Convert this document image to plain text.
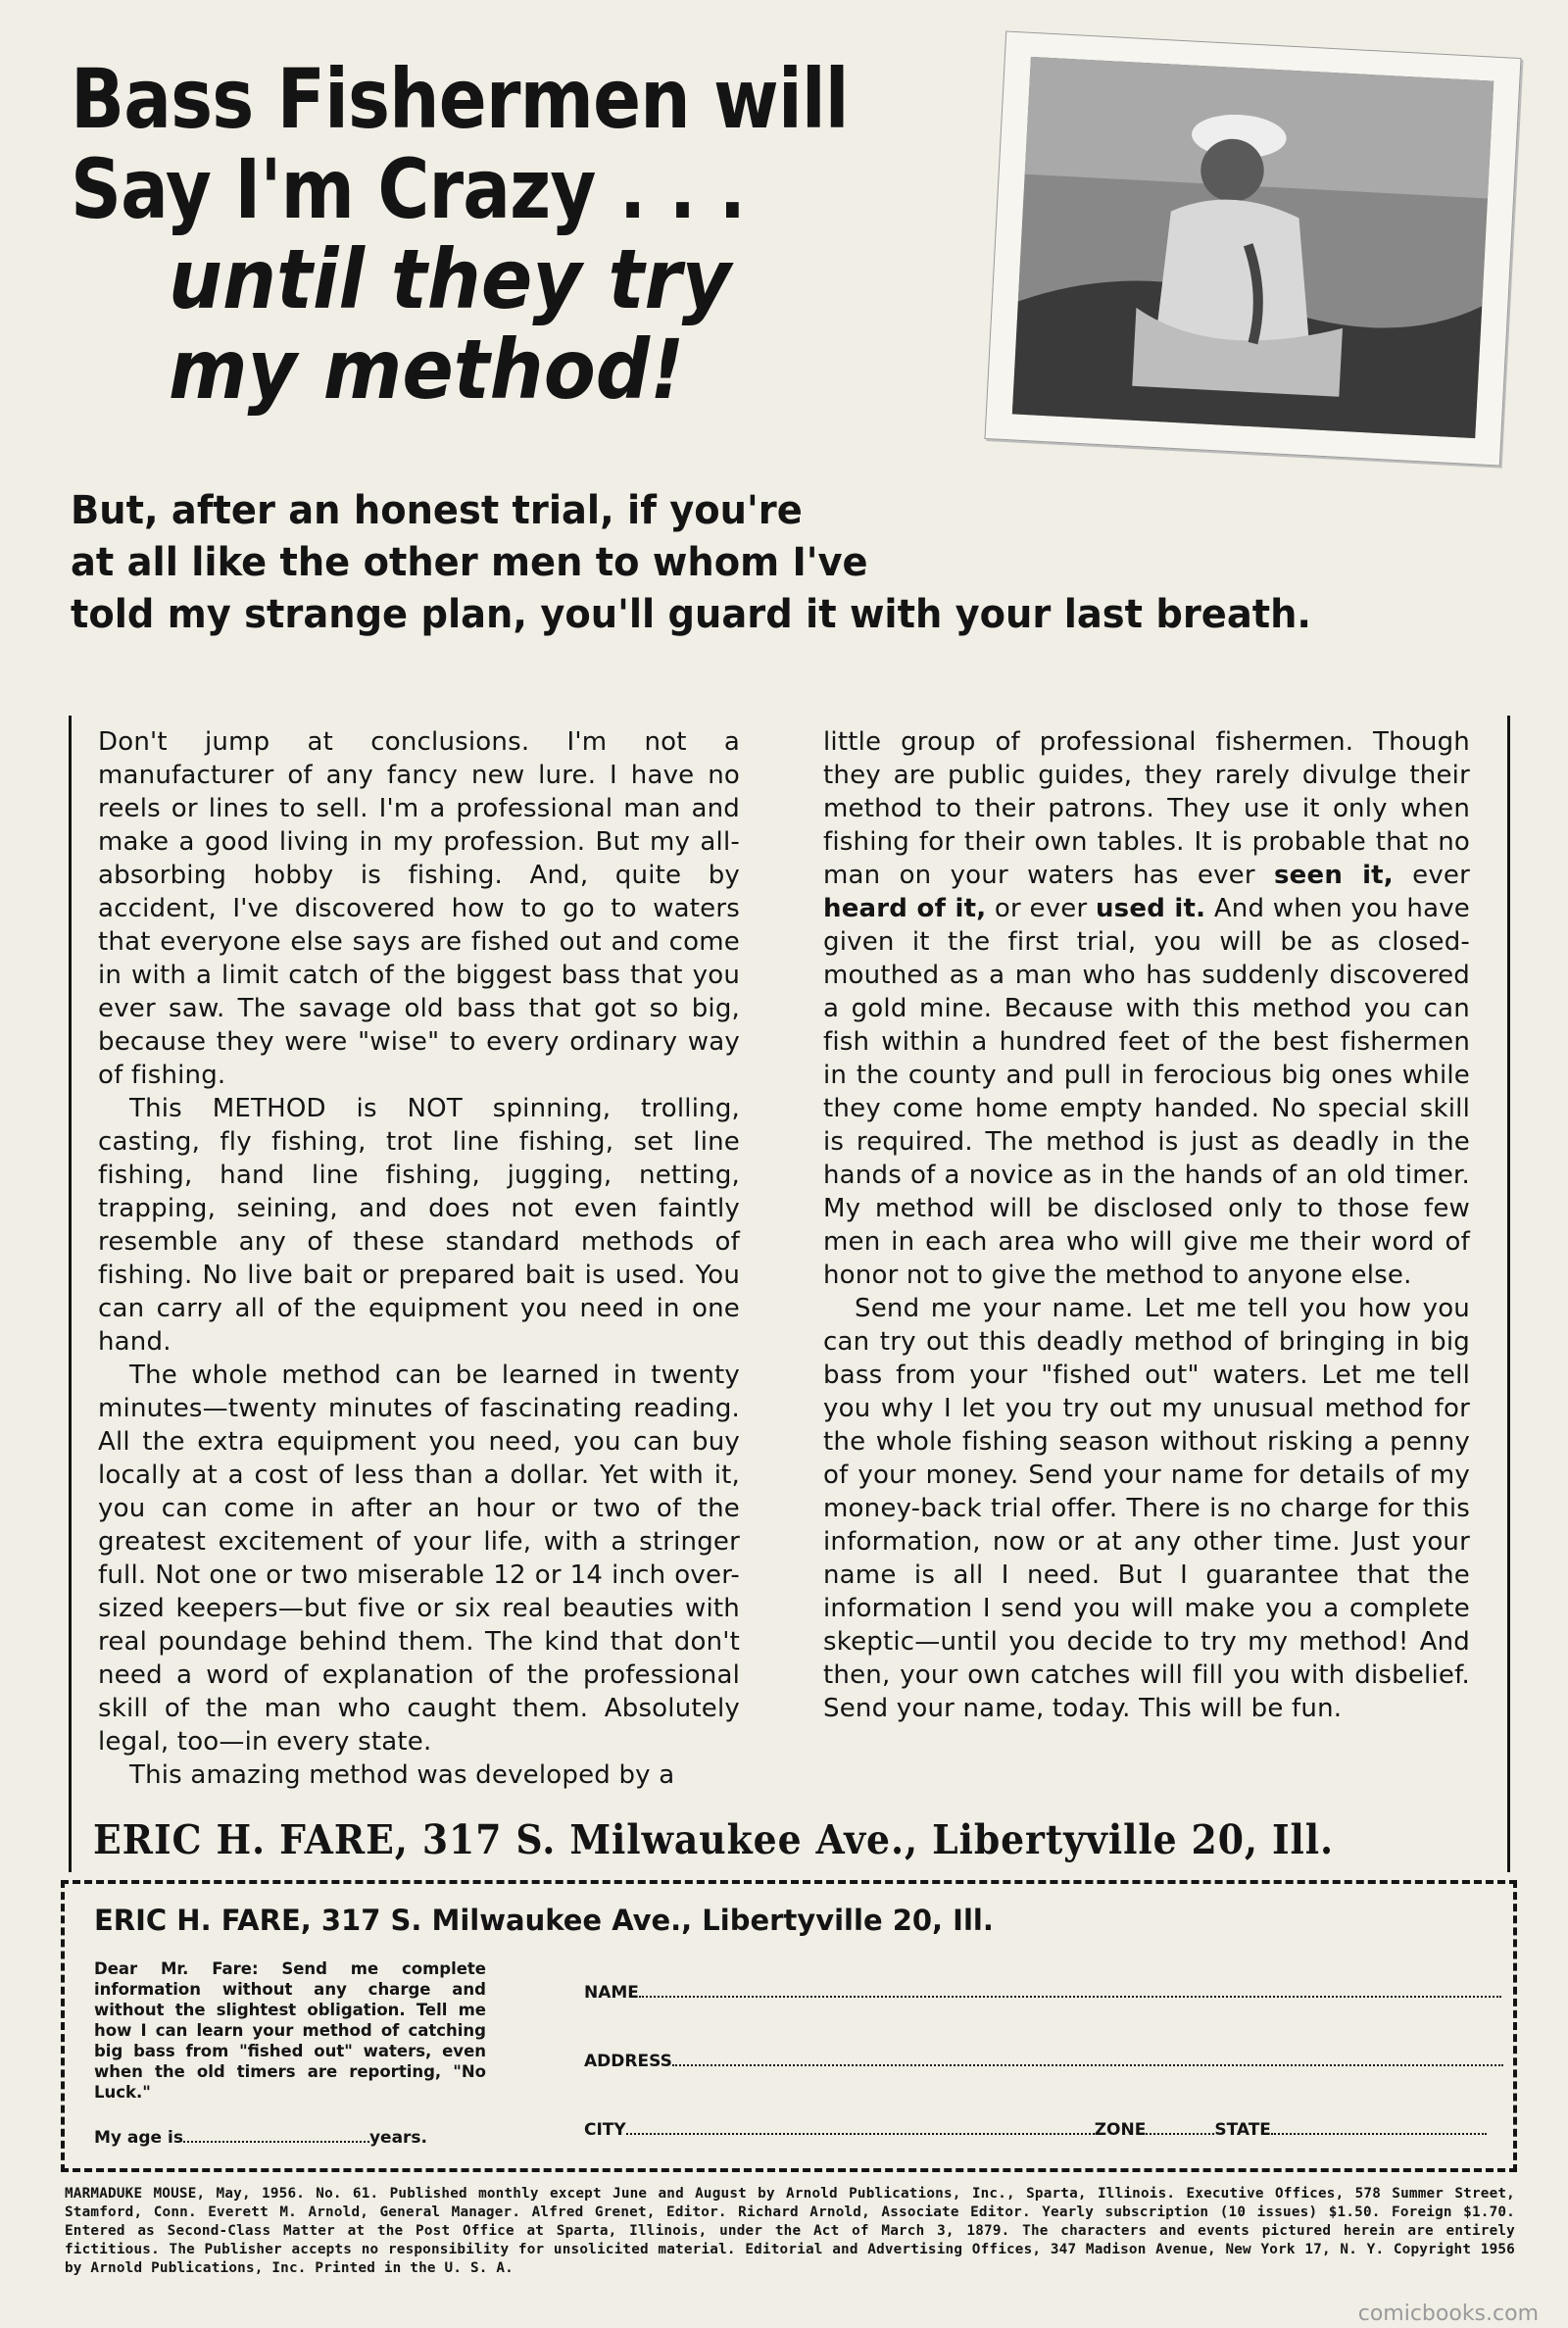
Bass Fishermen will
Say I'm Crazy . . .
until they try
my method!
But, after an honest trial, if you're
at all like the other men to whom I've
told my strange plan, you'll guard it with your last breath.

Don't jump at conclusions. I'm not a manufacturer of any fancy new lure. I have no reels or lines to sell. I'm a professional man and make a good living in my profession. But my all-absorbing hobby is fishing. And, quite by accident, I've discovered how to go to waters that everyone else says are fished out and come in with a limit catch of the biggest bass that you ever saw. The savage old bass that got so big, because they were "wise" to every ordinary way of fishing.

This METHOD is NOT spinning, trolling, casting, fly fishing, trot line fishing, set line fishing, hand line fishing, jugging, netting, trapping, seining, and does not even faintly resemble any of these standard methods of fishing. No live bait or prepared bait is used. You can carry all of the equipment you need in one hand.

The whole method can be learned in twenty minutes—twenty minutes of fascinating reading. All the extra equipment you need, you can buy locally at a cost of less than a dollar. Yet with it, you can come in after an hour or two of the greatest excitement of your life, with a stringer full. Not one or two miserable 12 or 14 inch over-sized keepers—but five or six real beauties with real poundage behind them. The kind that don't need a word of explanation of the professional skill of the man who caught them. Absolutely legal, too—in every state.

This amazing method was developed by a

little group of professional fishermen. Though they are public guides, they rarely divulge their method to their patrons. They use it only when fishing for their own tables. It is probable that no man on your waters has ever seen it, ever heard of it, or ever used it. And when you have given it the first trial, you will be as closed-mouthed as a man who has suddenly discovered a gold mine. Because with this method you can fish within a hundred feet of the best fishermen in the county and pull in ferocious big ones while they come home empty handed. No special skill is required. The method is just as deadly in the hands of a novice as in the hands of an old timer. My method will be disclosed only to those few men in each area who will give me their word of honor not to give the method to anyone else.

Send me your name. Let me tell you how you can try out this deadly method of bringing in big bass from your "fished out" waters. Let me tell you why I let you try out my unusual method for the whole fishing season without risking a penny of your money. Send your name for details of my money-back trial offer. There is no charge for this information, now or at any other time. Just your name is all I need. But I guarantee that the information I send you will make you a complete skeptic—until you decide to try my method! And then, your own catches will fill you with disbelief. Send your name, today. This will be fun.

ERIC H. FARE, 317 S. Milwaukee Ave., Libertyville 20, Ill.
ERIC H. FARE, 317 S. Milwaukee Ave., Libertyville 20, Ill.
Dear Mr. Fare: Send me complete information without any charge and without the slightest obligation. Tell me how I can learn your method of catching big bass from "fished out" waters, even when the old timers are reporting, "No Luck."
My age is	years.
NAME
ADDRESS
CITY	ZONE	STATE
MARMADUKE MOUSE, May, 1956. No. 61. Published monthly except June and August by Arnold Publications, Inc., Sparta, Illinois. Executive Offices, 578 Summer Street, Stamford, Conn. Everett M. Arnold, General Manager. Alfred Grenet, Editor. Richard Arnold, Associate Editor. Yearly subscription (10 issues) $1.50. Foreign $1.70. Entered as Second-Class Matter at the Post Office at Sparta, Illinois, under the Act of March 3, 1879. The characters and events pictured herein are entirely fictitious. The Publisher accepts no responsibility for unsolicited material. Editorial and Advertising Offices, 347 Madison Avenue, New York 17, N. Y. Copyright 1956 by Arnold Publications, Inc. Printed in the U. S. A.
comicbooks.com
